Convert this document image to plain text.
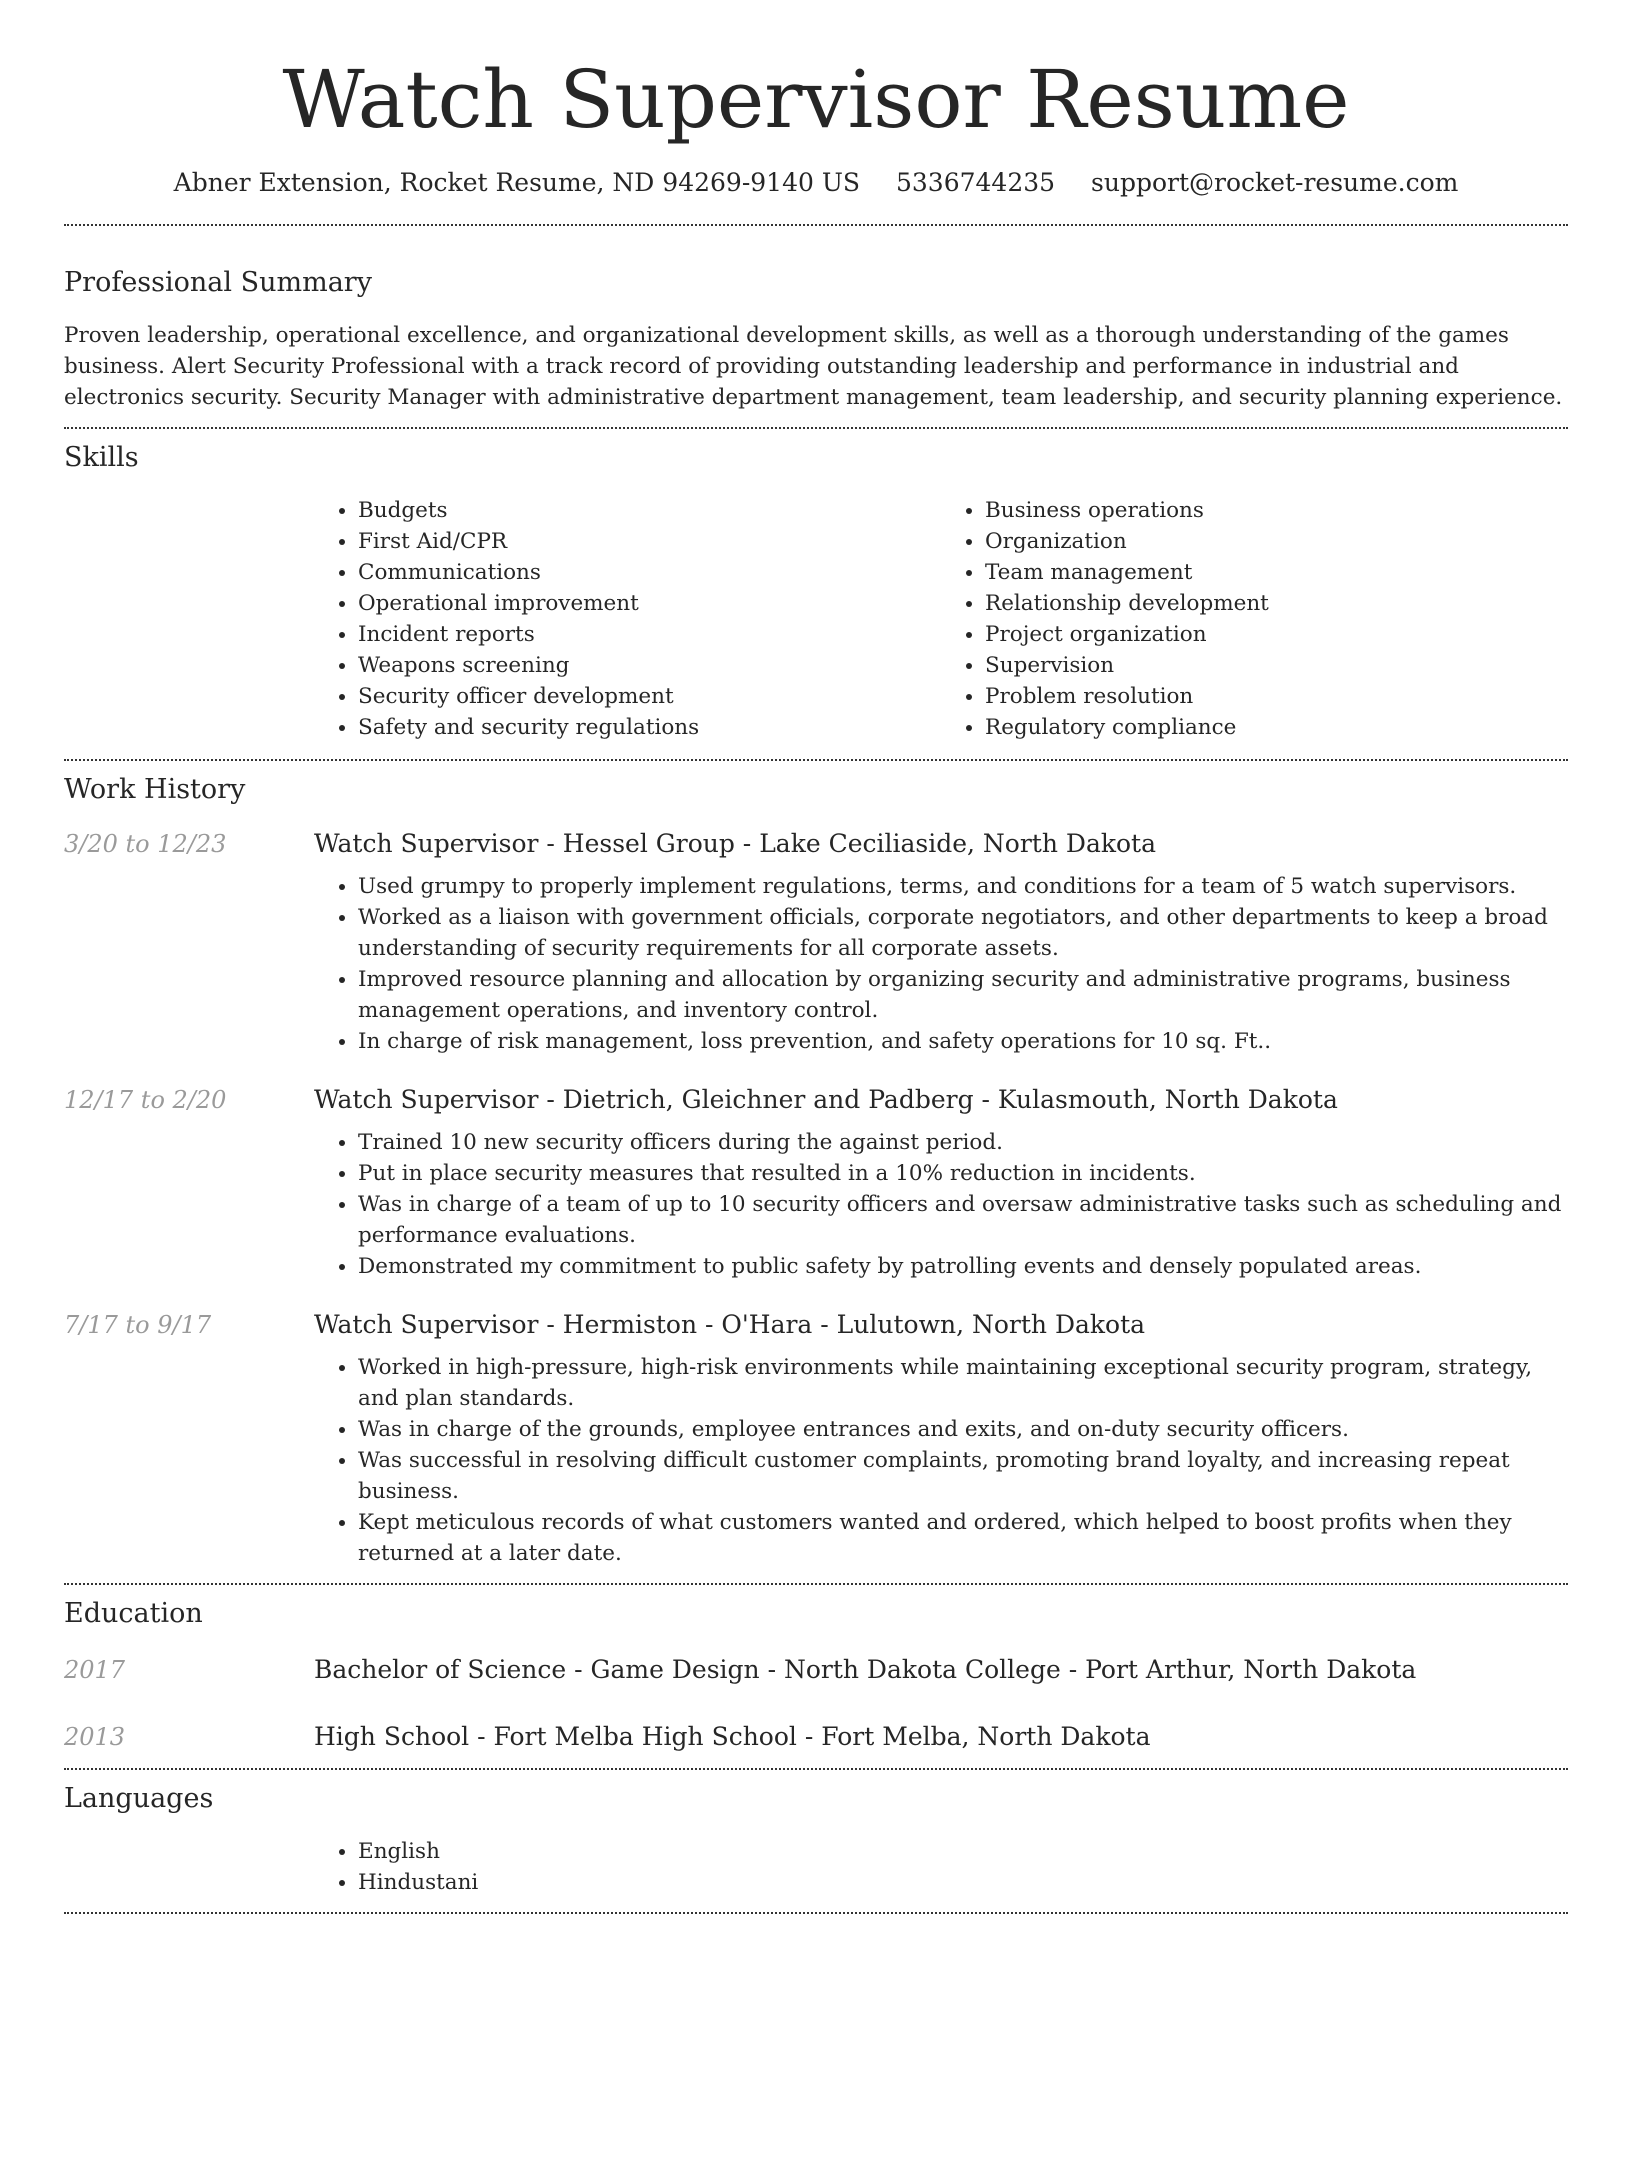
Watch Supervisor Resume
Abner Extension, Rocket Resume, ND 94269-9140 US 5336744235 support@rocket-resume.com
Professional Summary

Proven leadership, operational excellence, and organizational development skills, as well as a thorough understanding of the games business. Alert Security Professional with a track record of providing outstanding leadership and performance in industrial and electronics security. Security Manager with administrative department management, team leadership, and security planning experience.

Skills
• Budgets
• First Aid/CPR
• Communications
• Operational improvement
• Incident reports
• Weapons screening
• Security officer development
• Safety and security regulations
• Business operations
• Organization
• Team management
• Relationship development
• Project organization
• Supervision
• Problem resolution
• Regulatory compliance
Work History
3/20 to 12/23	Watch Supervisor - Hessel Group - Lake Ceciliaside, North Dakota
• Used grumpy to properly implement regulations, terms, and conditions for a team of 5 watch supervisors.
• Worked as a liaison with government officials, corporate negotiators, and other departments to keep a broad understanding of security requirements for all corporate assets.
• Improved resource planning and allocation by organizing security and administrative programs, business management operations, and inventory control.
• In charge of risk management, loss prevention, and safety operations for 10 sq. Ft..
12/17 to 2/20	Watch Supervisor - Dietrich, Gleichner and Padberg - Kulasmouth, North Dakota
• Trained 10 new security officers during the against period.
• Put in place security measures that resulted in a 10% reduction in incidents.
• Was in charge of a team of up to 10 security officers and oversaw administrative tasks such as scheduling and performance evaluations.
• Demonstrated my commitment to public safety by patrolling events and densely populated areas.
7/17 to 9/17	Watch Supervisor - Hermiston - O'Hara - Lulutown, North Dakota
• Worked in high-pressure, high-risk environments while maintaining exceptional security program, strategy, and plan standards.
• Was in charge of the grounds, employee entrances and exits, and on-duty security officers.
• Was successful in resolving difficult customer complaints, promoting brand loyalty, and increasing repeat business.
• Kept meticulous records of what customers wanted and ordered, which helped to boost profits when they returned at a later date.
Education
2017	Bachelor of Science - Game Design - North Dakota College - Port Arthur, North Dakota
2013	High School - Fort Melba High School - Fort Melba, North Dakota
Languages
• English
• Hindustani
